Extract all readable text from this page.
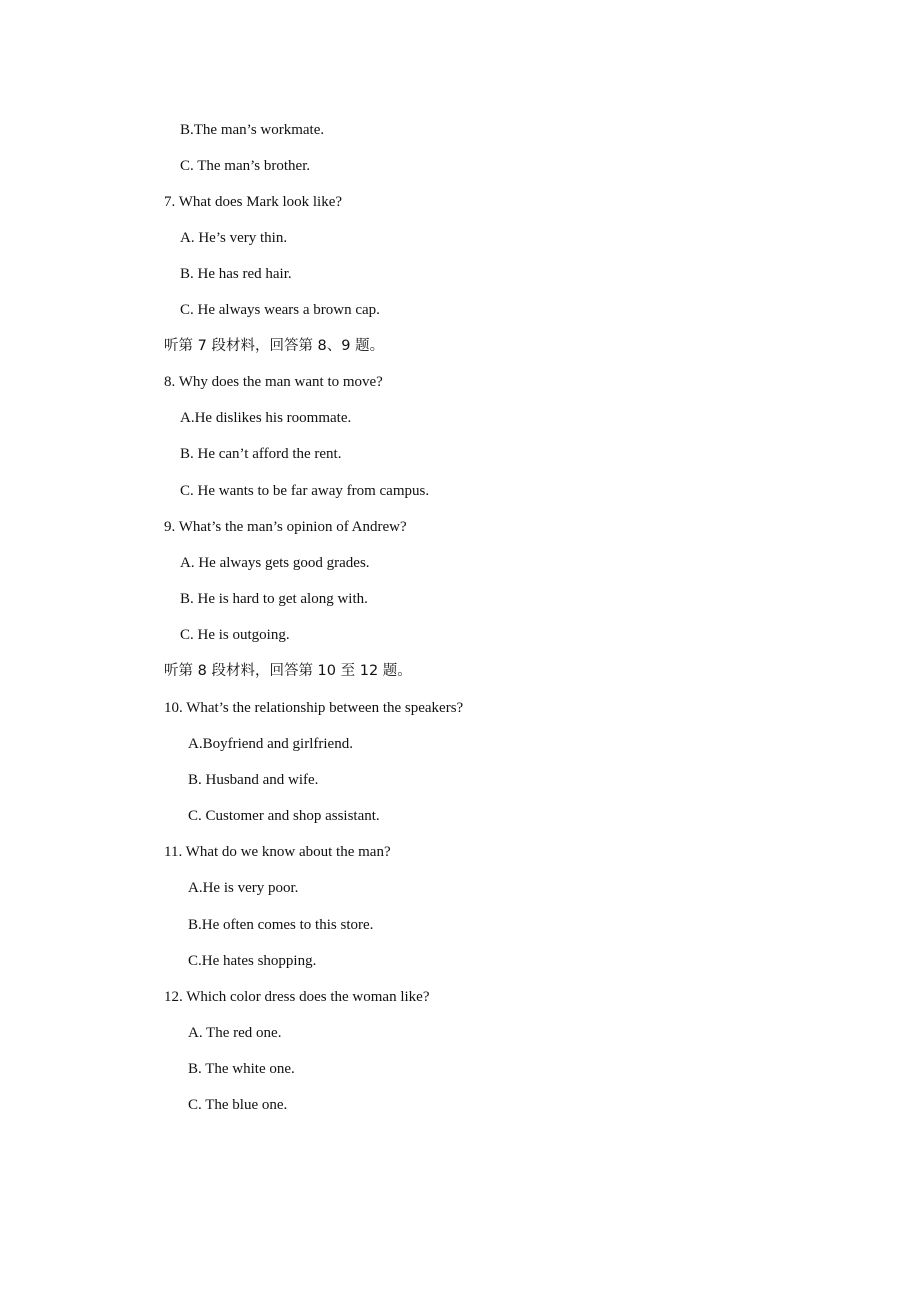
B.The man’s workmate.
C. The man’s brother.
7. What does Mark look like?
A. He’s very thin.
B. He has red hair.
C. He always wears a brown cap.
听第 7 段材料，回答第 8、9 题。
8. Why does the man want to move?
A.He dislikes his roommate.
B. He can’t afford the rent.
C. He wants to be far away from campus.
9. What’s the man’s opinion of Andrew?
A. He always gets good grades.
B. He is hard to get along with.
C. He is outgoing.
听第 8 段材料，回答第 10 至 12 题。
10. What’s the relationship between the speakers?
A.Boyfriend and girlfriend.
B. Husband and wife.
C. Customer and shop assistant.
11. What do we know about the man?
A.He is very poor.
B.He often comes to this store.
C.He hates shopping.
12. Which color dress does the woman like?
A. The red one.
B. The white one.
C. The blue one.
